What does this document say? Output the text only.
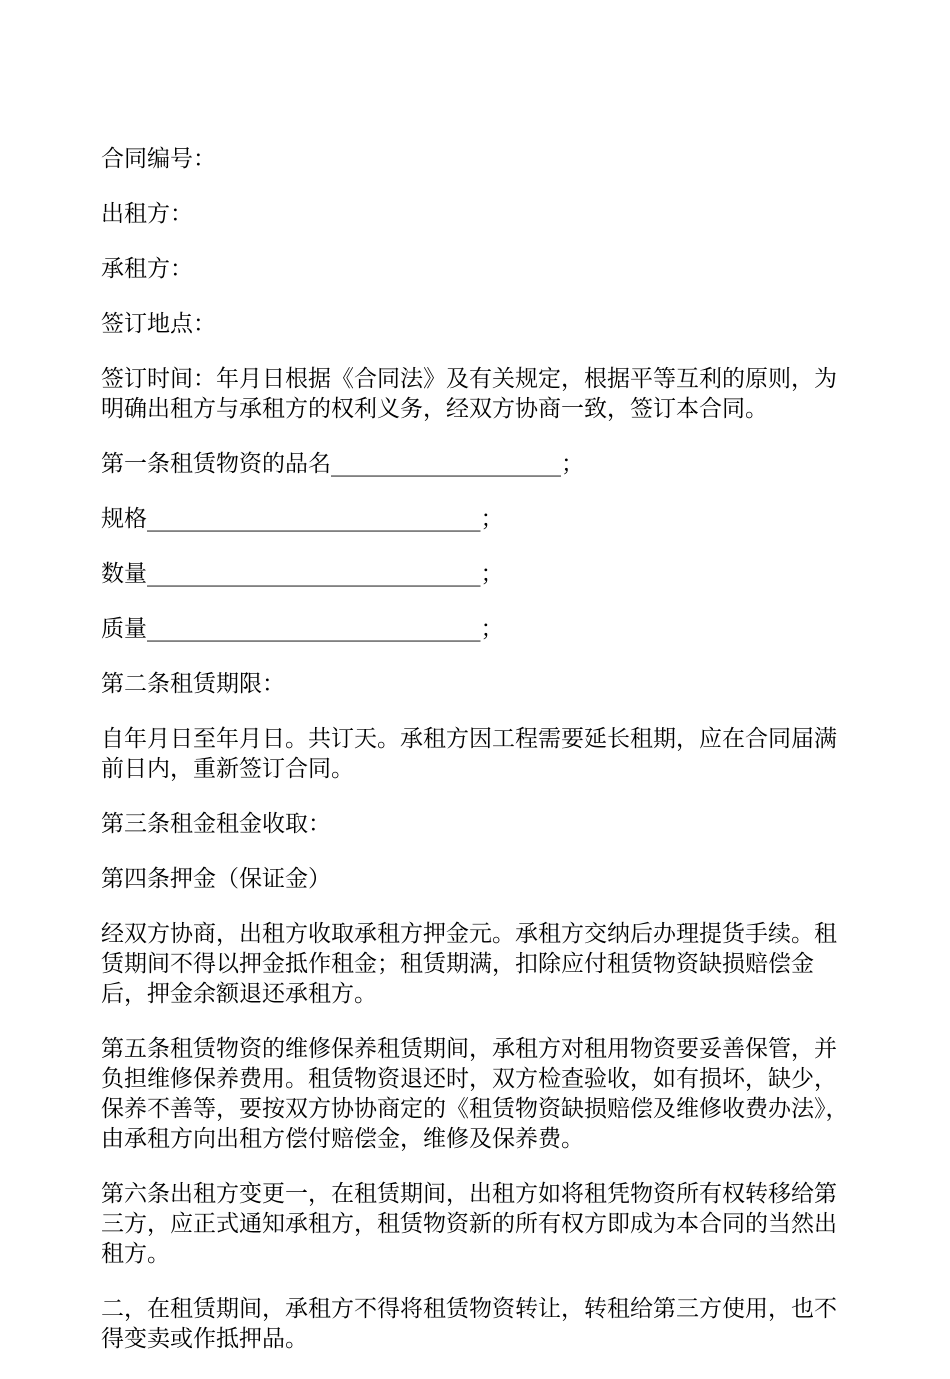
合同编号：

出租方：

承租方：

签订地点：

签订时间：年月日根据《合同法》及有关规定，根据平等互利的原则，为明确出租方与承租方的权利义务，经双方协商一致，签订本合同。

第一条租赁物资的品名____________________；

规格_____________________________；

数量_____________________________；

质量_____________________________；

第二条租赁期限：

自年月日至年月日。共订天。承租方因工程需要延长租期，应在合同届满前日内，重新签订合同。

第三条租金租金收取：

第四条押金（保证金）

经双方协商，出租方收取承租方押金元。承租方交纳后办理提货手续。租赁期间不得以押金抵作租金；租赁期满，扣除应付租赁物资缺损赔偿金后，押金余额退还承租方。

第五条租赁物资的维修保养租赁期间，承租方对租用物资要妥善保管，并负担维修保养费用。租赁物资退还时，双方检查验收，如有损坏，缺少，保养不善等，要按双方协协商定的《租赁物资缺损赔偿及维修收费办法》，由承租方向出租方偿付赔偿金，维修及保养费。

第六条出租方变更一，在租赁期间，出租方如将租凭物资所有权转移给第三方，应正式通知承租方，租赁物资新的所有权方即成为本合同的当然出租方。

二，在租赁期间，承租方不得将租赁物资转让，转租给第三方使用，也不得变卖或作抵押品。
